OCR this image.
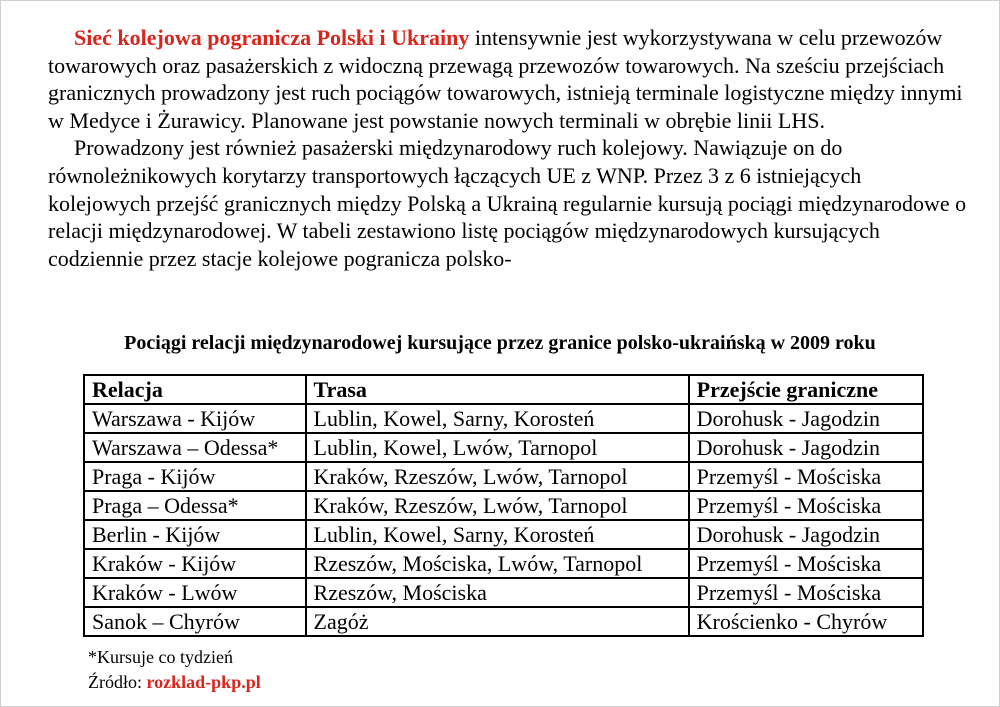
Sieć kolejowa pogranicza Polski i Ukrainy intensywnie jest wykorzystywana w celu przewozów towarowych oraz pasażerskich z widoczną przewagą przewozów towarowych. Na sześciu przejściach granicznych prowadzony jest ruch pociągów towarowych, istnieją terminale logistyczne między innymi w Medyce i Żurawicy. Planowane jest powstanie nowych terminali w obrębie linii LHS.

Prowadzony jest również pasażerski międzynarodowy ruch kolejowy. Nawiązuje on do równoleżnikowych korytarzy transportowych łączących UE z WNP. Przez 3 z 6 istniejących kolejowych przejść granicznych między Polską a Ukrainą regularnie kursują pociągi międzynarodowe o relacji międzynarodowej. W tabeli zestawiono listę pociągów międzynarodowych kursujących codziennie przez stacje kolejowe pogranicza polsko-

Pociągi relacji międzynarodowej kursujące przez granice polsko-ukraińską w 2009 roku
Relacja	Trasa	Przejście graniczne
Warszawa - Kijów	Lublin, Kowel, Sarny, Korosteń	Dorohusk - Jagodzin
Warszawa – Odessa*	Lublin, Kowel, Lwów, Tarnopol	Dorohusk - Jagodzin
Praga - Kijów	Kraków, Rzeszów, Lwów, Tarnopol	Przemyśl - Mościska
Praga – Odessa*	Kraków, Rzeszów, Lwów, Tarnopol	Przemyśl - Mościska
Berlin - Kijów	Lublin, Kowel, Sarny, Korosteń	Dorohusk - Jagodzin
Kraków - Kijów	Rzeszów, Mościska, Lwów, Tarnopol	Przemyśl - Mościska
Kraków - Lwów	Rzeszów, Mościska	Przemyśl - Mościska
Sanok – Chyrów	Zagóż	Krościenko - Chyrów
*Kursuje co tydzień
Źródło: rozklad-pkp.pl
